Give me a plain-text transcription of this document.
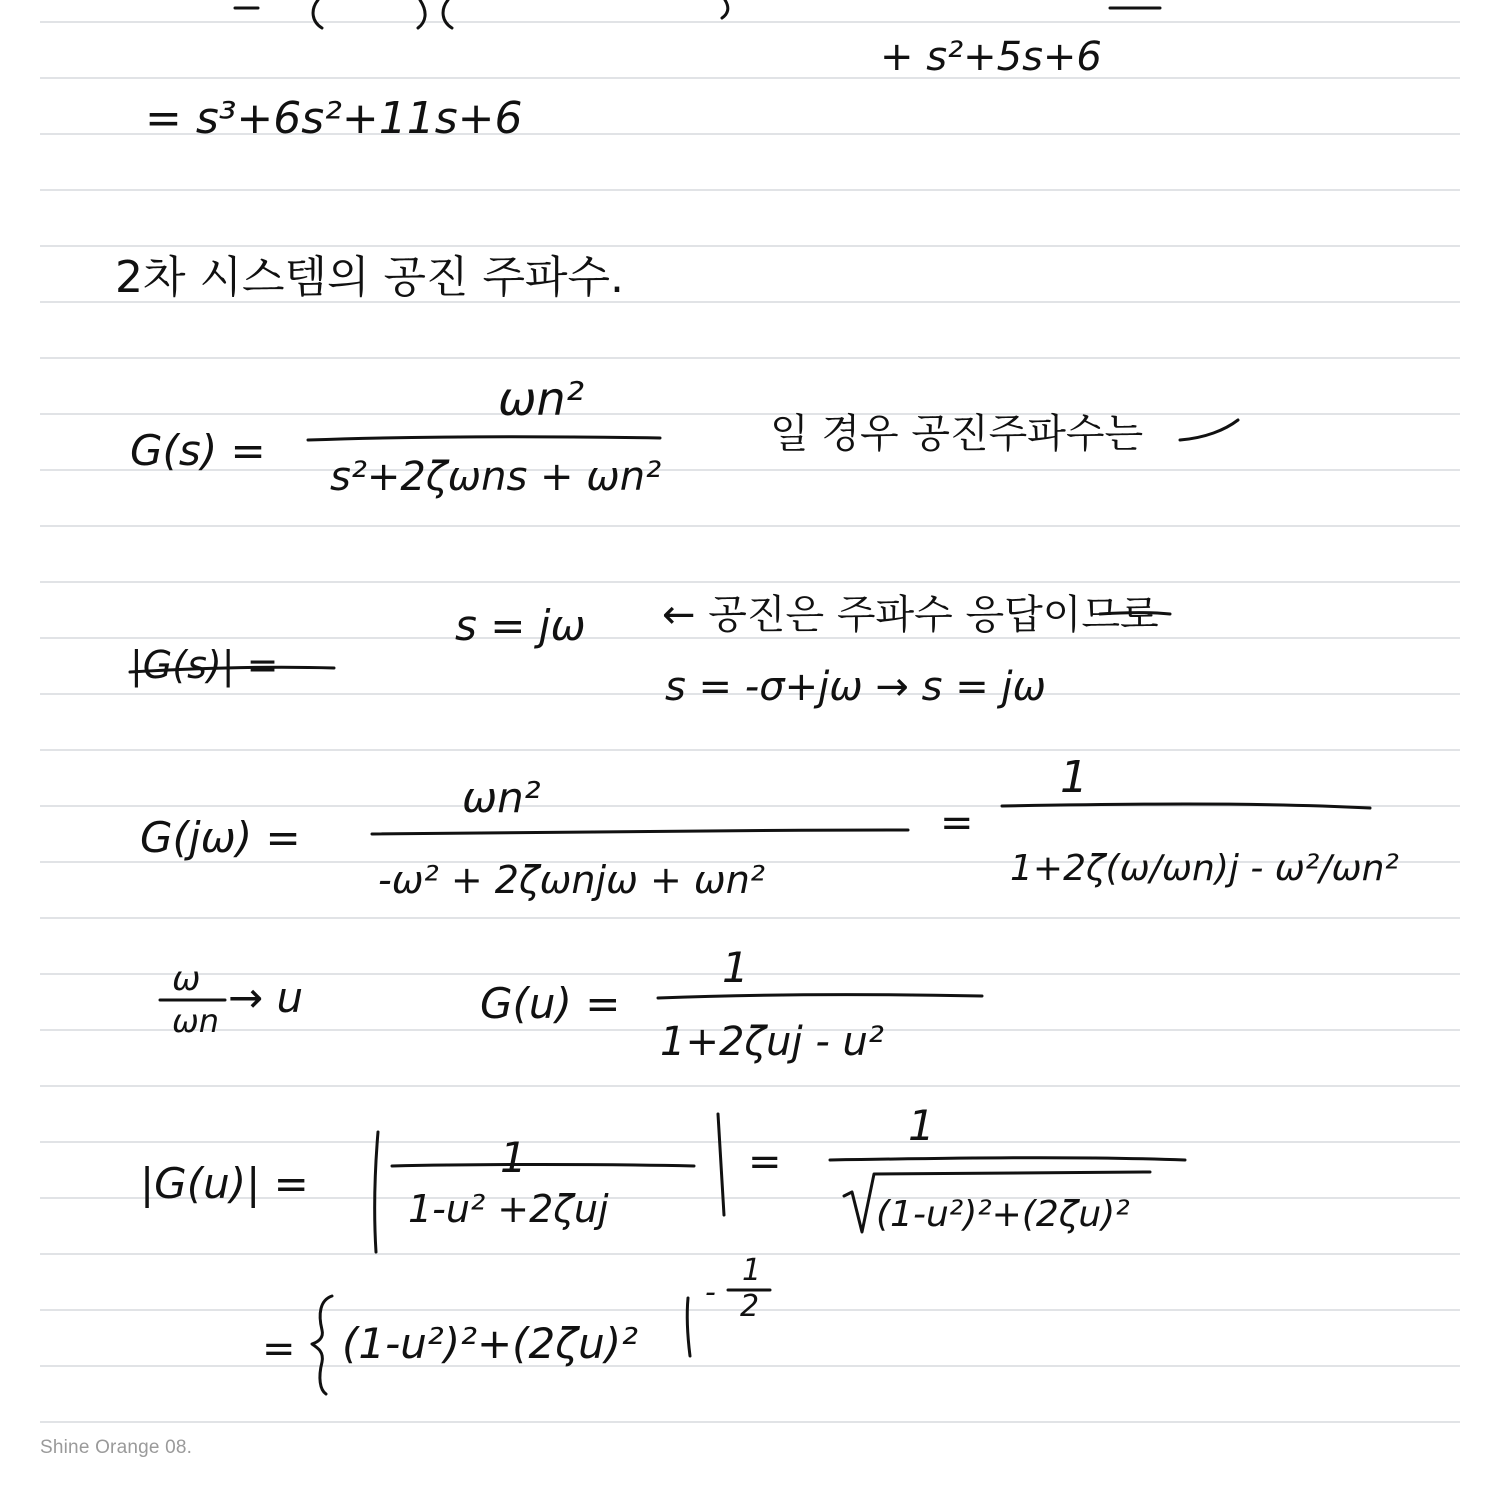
+ s²+5s+6
= s³+6s²+11s+6
2차 시스템의 공진 주파수.
G(s) =
ωn²
s²+2ζωns + ωn²
일 경우 공진주파수는
|G(s)| =
s = jω ← 공진은 주파수 응답이므로
s = -σ+jω → s = jω
G(jω) =
ωn²
-ω² + 2ζωnjω + ωn²
=
1
1+2ζ(ω/ωn)j - ω²/ωn²
ω
ωn → u	G(u) =
1
1+2ζuj - u²
|G(u)| =
1
1-u² +2ζuj
=
1
(1-u²)²+(2ζu)²
= (1-u²)²+(2ζu)²
-
1
2
Shine Orange 08.
